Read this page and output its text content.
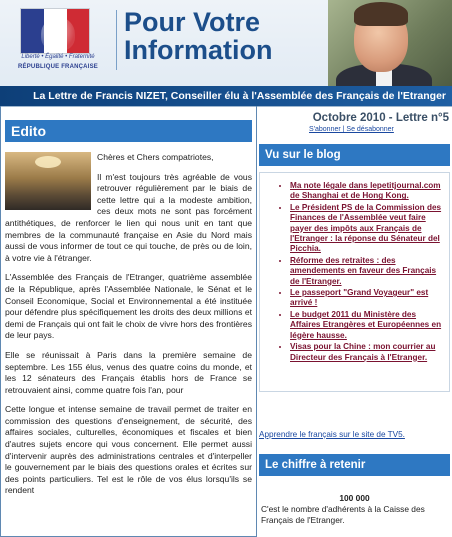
Liberté • Égalité • Fraternité
RÉPUBLIQUE FRANÇAISE
Pour Votre
Information
La Lettre de Francis NIZET, Conseiller élu à l'Assemblée des Français de l'Etranger
Edito

Chères et Chers compatriotes,

Il m'est toujours très agréable de vous retrouver régulièrement par le biais de cette lettre qui a la modeste ambition, ces deux mots ne sont pas forcément antithétiques, de renforcer le lien qui nous unit en tant que membres de la communauté française en Asie du Nord mais aussi de vous informer de tout ce qui touche, de près ou de loin, à votre vie à l'étranger.

L'Assemblée des Français de l'Etranger, quatrième assemblée de la République, après l'Assemblée Nationale, le Sénat et le Conseil Economique, Social et Environnemental a été instituée pour défendre plus spécifiquement les droits des deux millions et demi de Français qui ont fait le choix de vivre hors des frontières de leur pays.

Elle se réunissait à Paris dans la première semaine de septembre. Les 155 élus, venus des quatre coins du monde, et les 12 sénateurs des Français établis hors de France se retrouvaient ainsi, comme quatre fois l'an, pour

Cette longue et intense semaine de travail permet de traiter en commission des questions d'enseignement, de sécurité, des affaires sociales, culturelles, économiques et fiscales et bien d'autres sujets encore qui vous concernent. Elle permet aussi d'intervenir auprès des administrations centrales et d'interpeller le gouvernement par le biais des questions orales et écrites sur des points particuliers. Tel est le rôle de vos élus lorsqu'ils se rendent

Octobre 2010 - Lettre n°5
S'abonner | Se désabonner
Vu sur le blog
• Ma note légale dans lepetitjournal.com de Shanghai et de Hong Kong.
• Le Président PS de la Commission des Finances de l'Assemblée veut faire payer des impôts aux Français de l'Etranger : la réponse du Sénateur del Picchia.
• Réforme des retraites : des amendements en faveur des Français de l'Etranger.
• Le passeport "Grand Voyageur" est arrivé !
• Le budget 2011 du Ministère des Affaires Etrangères et Européennes en légère hausse.
• Visas pour la Chine : mon courrier au Directeur des Français à l'Etranger.
Apprendre le français sur le site de TV5.
Le chiffre à retenir
100 000
C'est le nombre d'adhérents à la Caisse des Français de l'Etranger.
